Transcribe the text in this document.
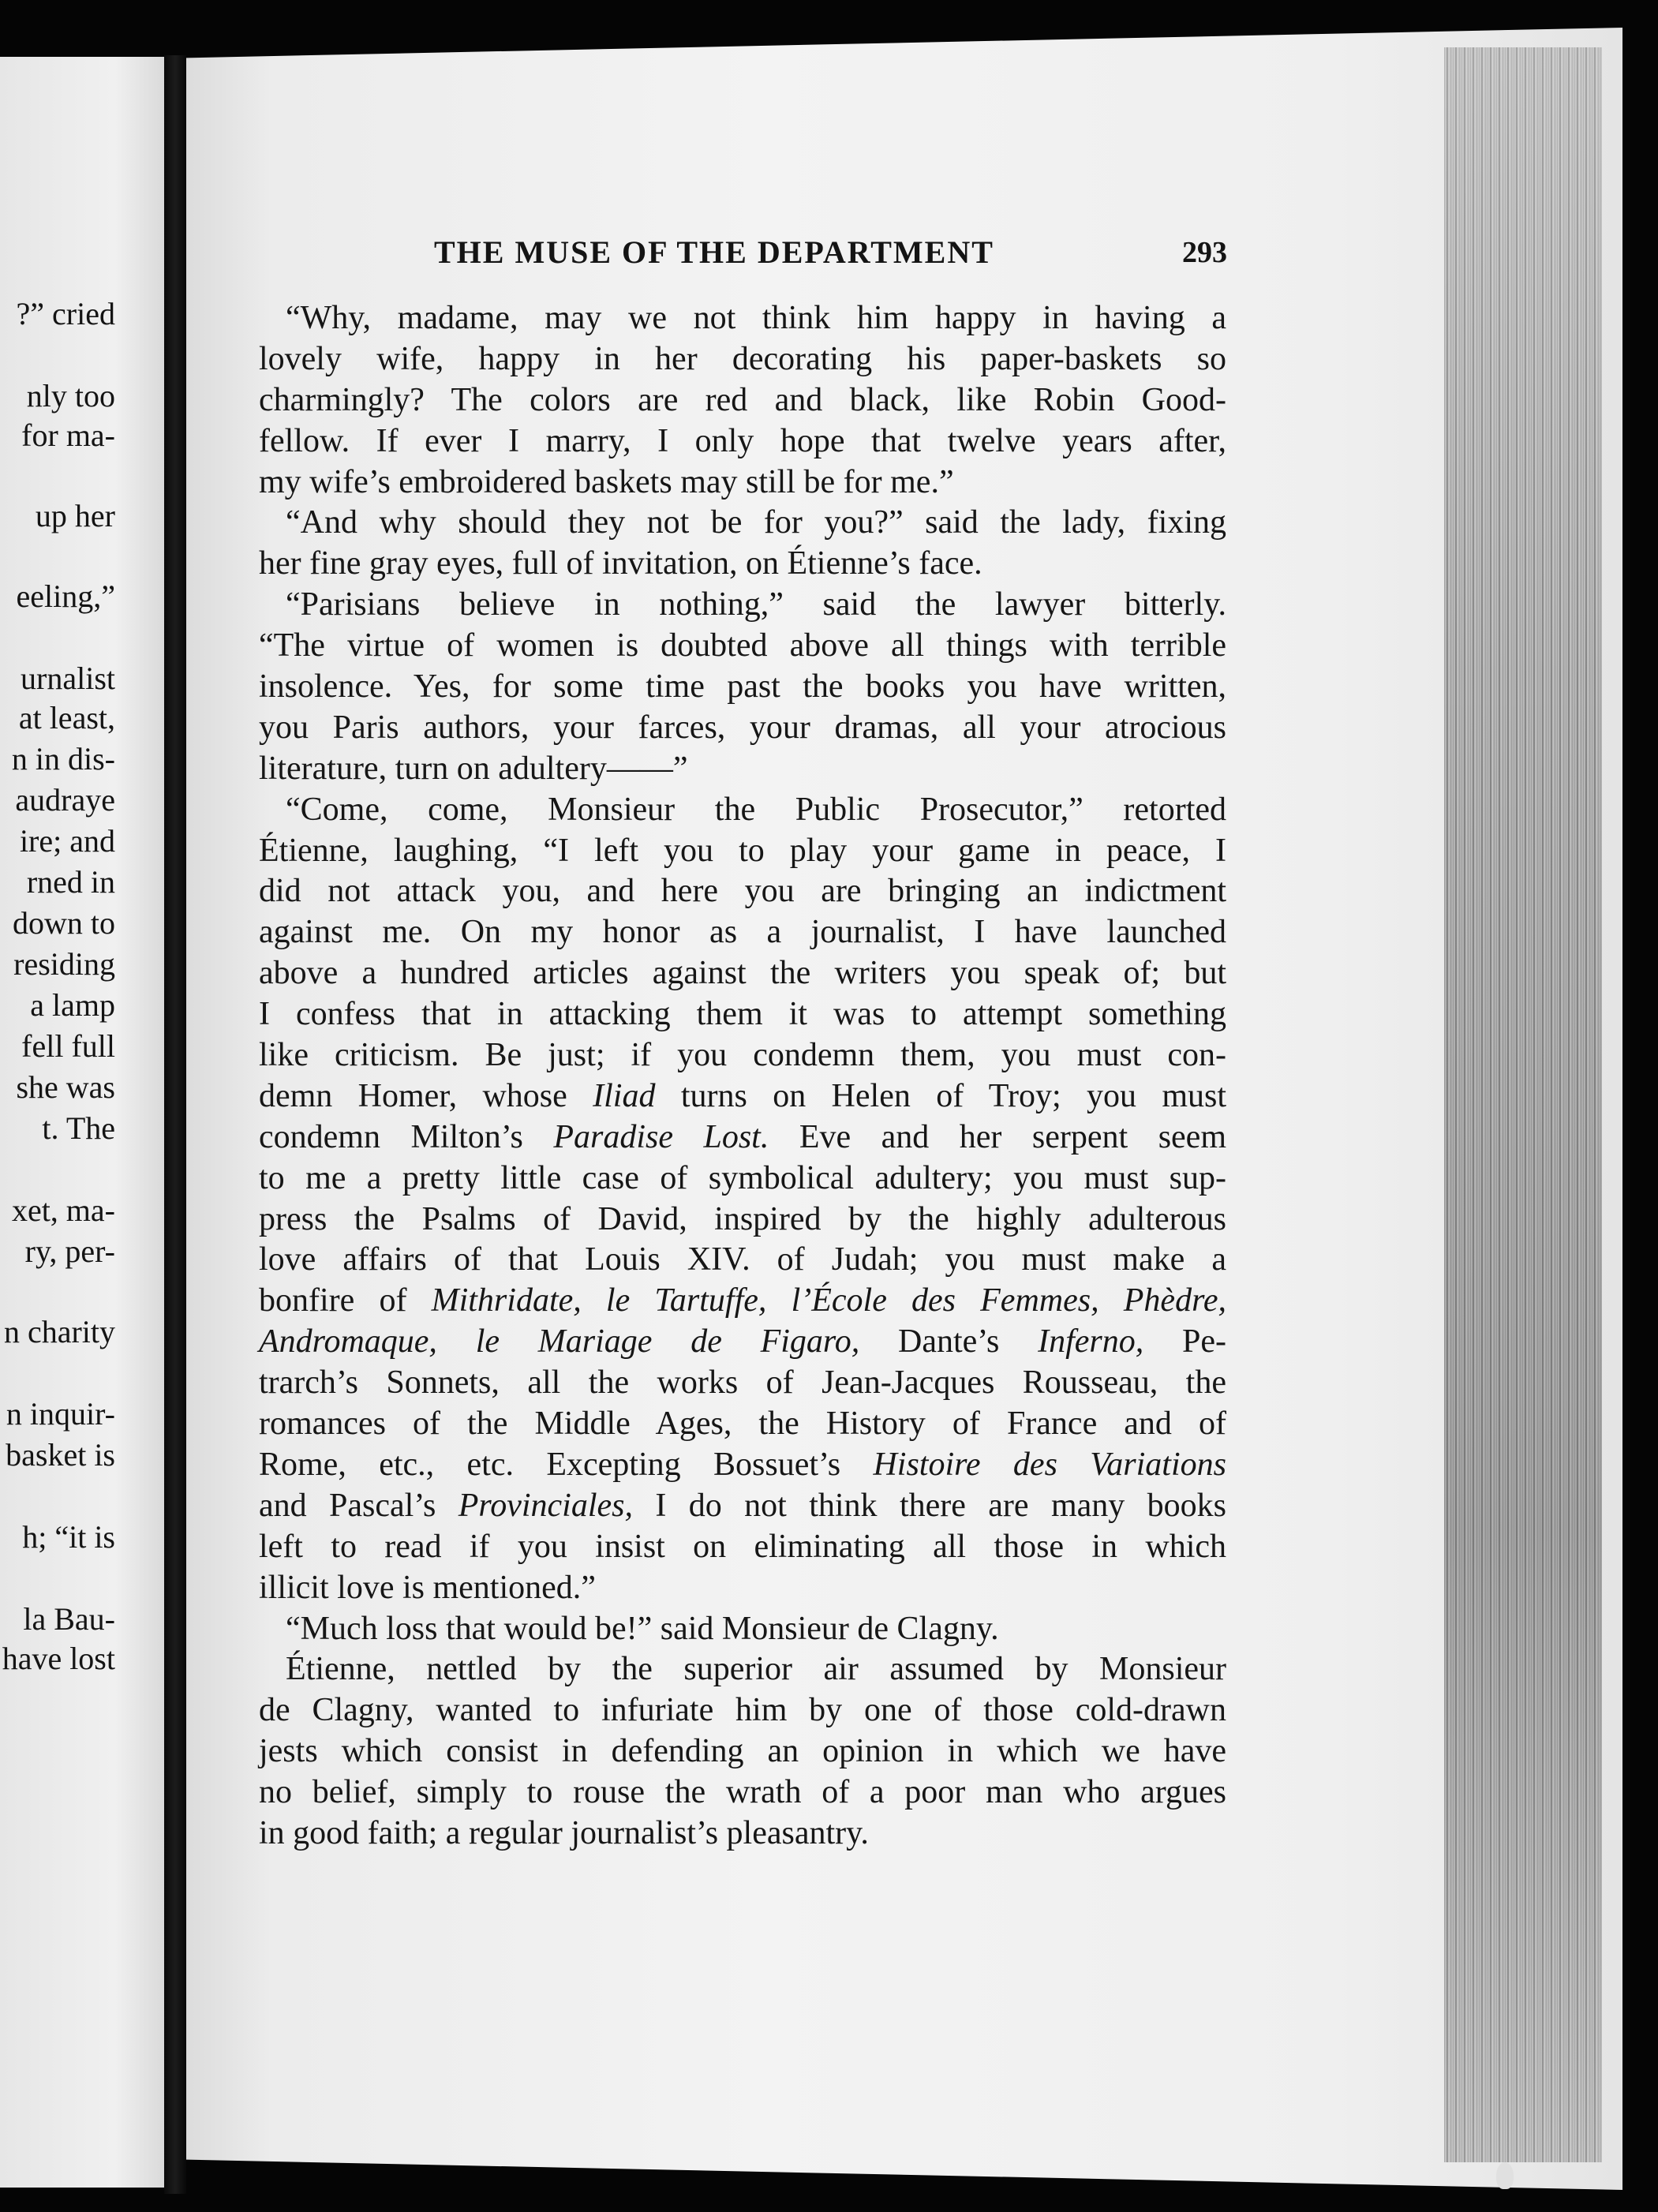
?” cried
nly too
for ma-
up her
eeling,”
urnalist
at least,
n in dis-
audraye
ire; and
rned in
down to
residing
a lamp
fell full
she was
t. The
xet, ma-
ry, per-
n charity
n inquir-
basket is
h; “it is
la Bau-
have lost
THE MUSE OF THE DEPARTMENT	293
“Why, madame, may we not think him happy in having a
lovely wife, happy in her decorating his paper-baskets so
charmingly? The colors are red and black, like Robin Good-
fellow. If ever I marry, I only hope that twelve years after,
my wife’s embroidered baskets may still be for me.”
“And why should they not be for you?” said the lady, fixing
her fine gray eyes, full of invitation, on Étienne’s face.
“Parisians believe in nothing,” said the lawyer bitterly.
“The virtue of women is doubted above all things with terrible
insolence. Yes, for some time past the books you have written,
you Paris authors, your farces, your dramas, all your atrocious
literature, turn on adultery——”
“Come, come, Monsieur the Public Prosecutor,” retorted
Étienne, laughing, “I left you to play your game in peace, I
did not attack you, and here you are bringing an indictment
against me. On my honor as a journalist, I have launched
above a hundred articles against the writers you speak of; but
I confess that in attacking them it was to attempt something
like criticism. Be just; if you condemn them, you must con-
demn Homer, whose Iliad turns on Helen of Troy; you must
condemn Milton’s Paradise Lost. Eve and her serpent seem
to me a pretty little case of symbolical adultery; you must sup-
press the Psalms of David, inspired by the highly adulterous
love affairs of that Louis XIV. of Judah; you must make a
bonfire of Mithridate, le Tartuffe, l’École des Femmes, Phèdre,
Andromaque, le Mariage de Figaro, Dante’s Inferno, Pe-
trarch’s Sonnets, all the works of Jean-Jacques Rousseau, the
romances of the Middle Ages, the History of France and of
Rome, etc., etc. Excepting Bossuet’s Histoire des Variations
and Pascal’s Provinciales, I do not think there are many books
left to read if you insist on eliminating all those in which
illicit love is mentioned.”
“Much loss that would be!” said Monsieur de Clagny.
Étienne, nettled by the superior air assumed by Monsieur
de Clagny, wanted to infuriate him by one of those cold-drawn
jests which consist in defending an opinion in which we have
no belief, simply to rouse the wrath of a poor man who argues
in good faith; a regular journalist’s pleasantry.
